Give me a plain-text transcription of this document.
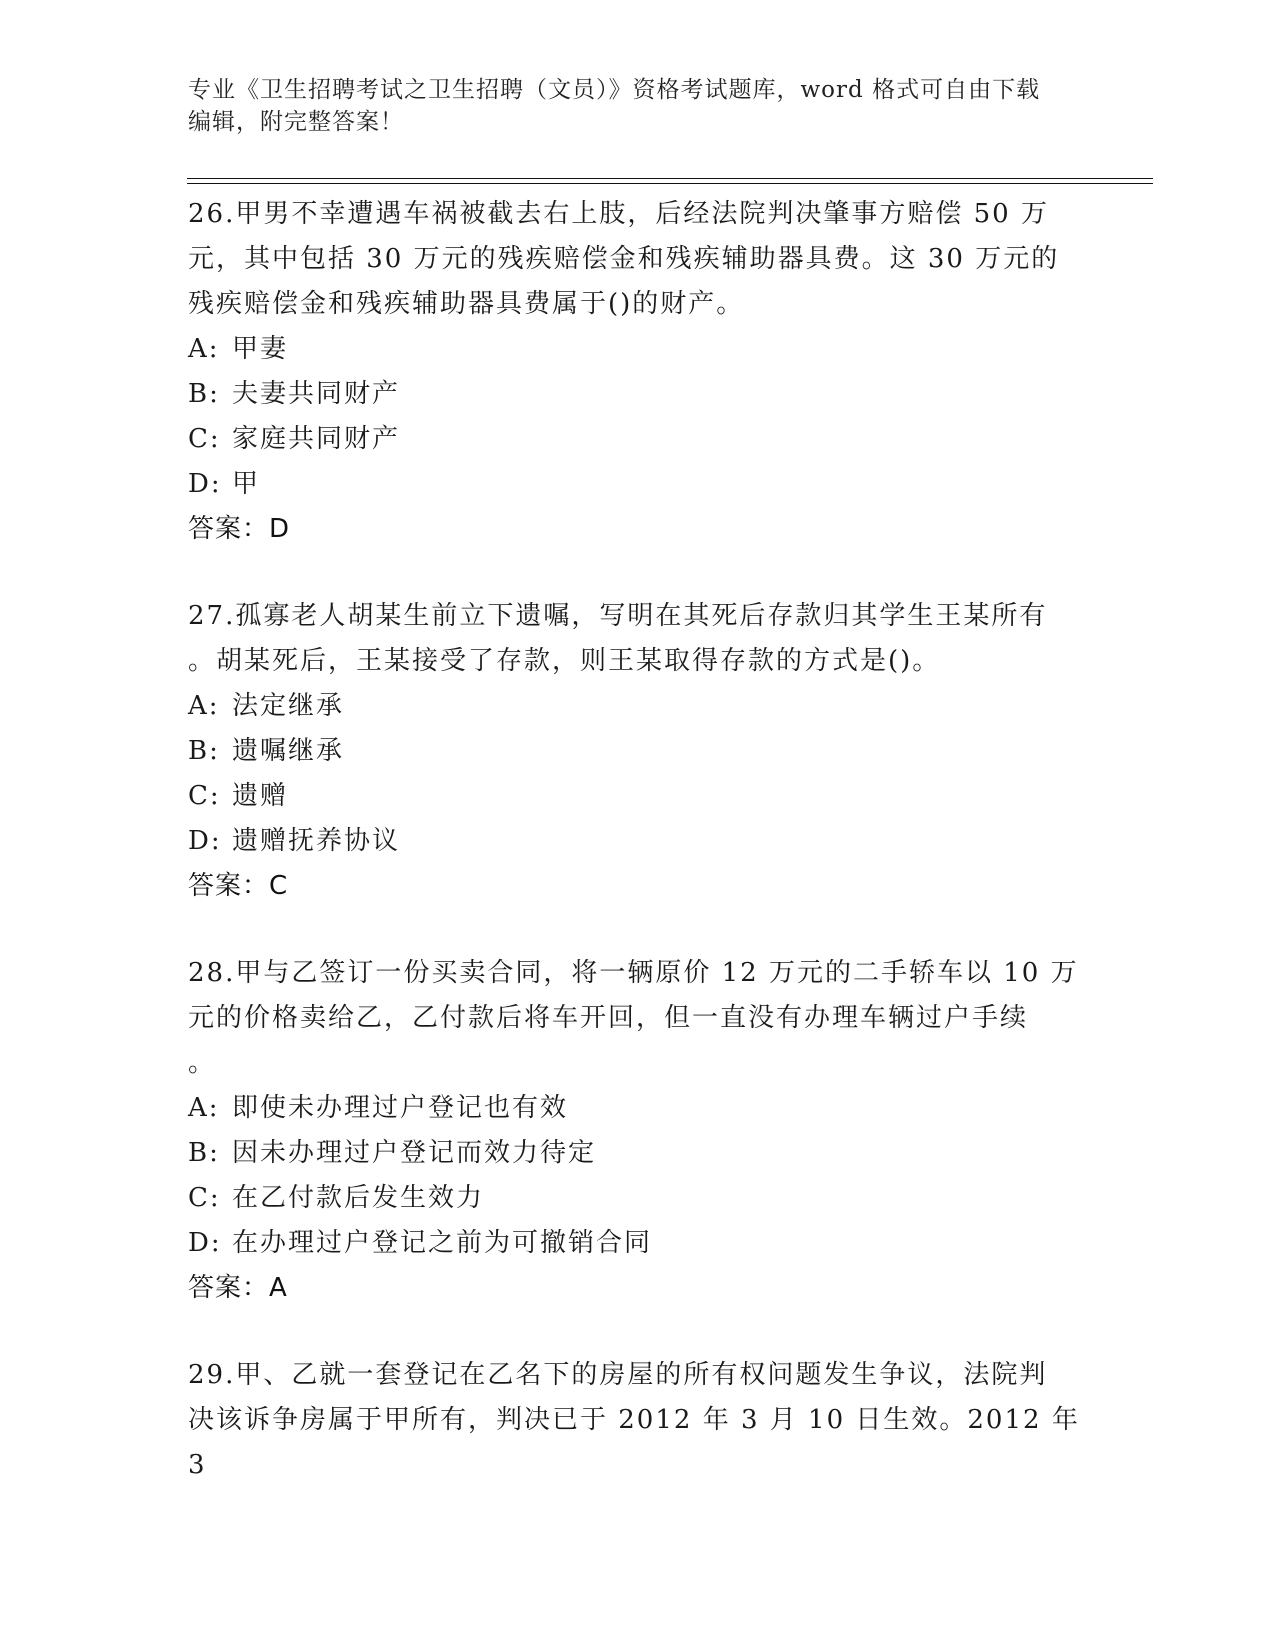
专业《卫生招聘考试之卫生招聘（文员）》资格考试题库，word 格式可自由下载
编辑，附完整答案！

26.甲男不幸遭遇车祸被截去右上肢，后经法院判决肇事方赔偿 50 万

元，其中包括 30 万元的残疾赔偿金和残疾辅助器具费。这 30 万元的

残疾赔偿金和残疾辅助器具费属于()的财产。

A: 甲妻

B: 夫妻共同财产

C: 家庭共同财产

D: 甲

答案：D

27.孤寡老人胡某生前立下遗嘱，写明在其死后存款归其学生王某所有

。胡某死后，王某接受了存款，则王某取得存款的方式是()。

A: 法定继承

B: 遗嘱继承

C: 遗赠

D: 遗赠抚养协议

答案：C

28.甲与乙签订一份买卖合同，将一辆原价 12 万元的二手轿车以 10 万

元的价格卖给乙，乙付款后将车开回，但一直没有办理车辆过户手续

。

A: 即使未办理过户登记也有效

B: 因未办理过户登记而效力待定

C: 在乙付款后发生效力

D: 在办理过户登记之前为可撤销合同

答案：A

29.甲、乙就一套登记在乙名下的房屋的所有权问题发生争议，法院判

决该诉争房属于甲所有，判决已于 2012 年 3 月 10 日生效。2012 年 3
